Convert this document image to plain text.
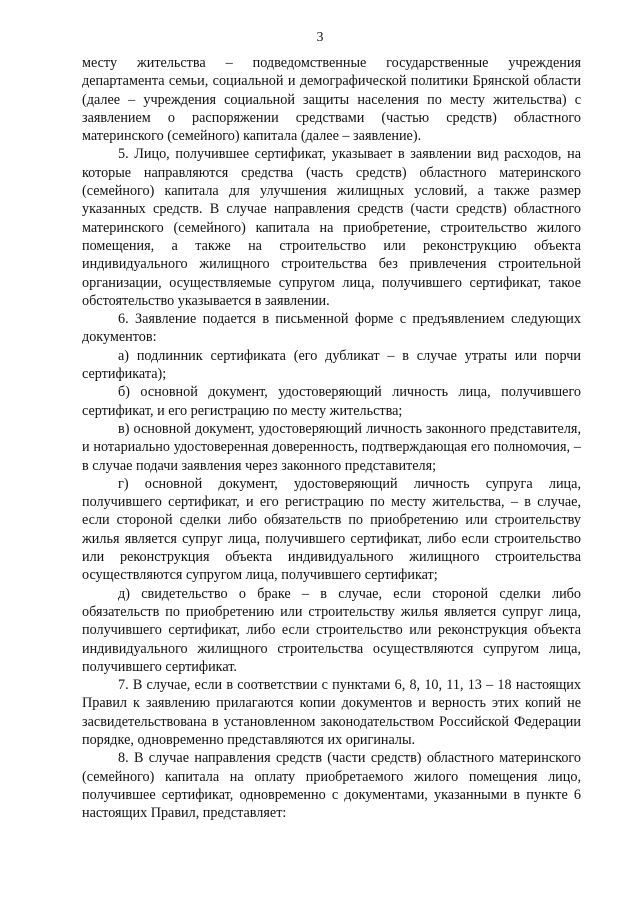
3

месту жительства – подведомственные государственные учреждения департамента семьи, социальной и демографической политики Брянской области (далее – учреждения социальной защиты населения по месту жительства) с заявлением о распоряжении средствами (частью средств) областного материнского (семейного) капитала (далее – заявление).

5. Лицо, получившее сертификат, указывает в заявлении вид расходов, на которые направляются средства (часть средств) областного материнского (семейного) капитала для улучшения жилищных условий, а также размер указанных средств. В случае направления средств (части средств) областного материнского (семейного) капитала на приобретение, строительство жилого помещения, а также на строительство или реконструкцию объекта индивидуального жилищного строительства без привлечения строительной организации, осуществляемые супругом лица, получившего сертификат, такое обстоятельство указывается в заявлении.

6. Заявление подается в письменной форме с предъявлением следующих документов:

а) подлинник сертификата (его дубликат – в случае утраты или порчи сертификата);

б) основной документ, удостоверяющий личность лица, получившего сертификат, и его регистрацию по месту жительства;

в) основной документ, удостоверяющий личность законного представителя, и нотариально удостоверенная доверенность, подтверждающая его полномочия, – в случае подачи заявления через законного представителя;

г) основной документ, удостоверяющий личность супруга лица, получившего сертификат, и его регистрацию по месту жительства, – в случае, если стороной сделки либо обязательств по приобретению или строительству жилья является супруг лица, получившего сертификат, либо если строительство или реконструкция объекта индивидуального жилищного строительства осуществляются супругом лица, получившего сертификат;

д) свидетельство о браке – в случае, если стороной сделки либо обязательств по приобретению или строительству жилья является супруг лица, получившего сертификат, либо если строительство или реконструкция объекта индивидуального жилищного строительства осуществляются супругом лица, получившего сертификат.

7. В случае, если в соответствии с пунктами 6, 8, 10, 11, 13 – 18 настоящих Правил к заявлению прилагаются копии документов и верность этих копий не засвидетельствована в установленном законодательством Российской Федерации порядке, одновременно представляются их оригиналы.

8. В случае направления средств (части средств) областного материнского (семейного) капитала на оплату приобретаемого жилого помещения лицо, получившее сертификат, одновременно с документами, указанными в пункте 6 настоящих Правил, представляет:
